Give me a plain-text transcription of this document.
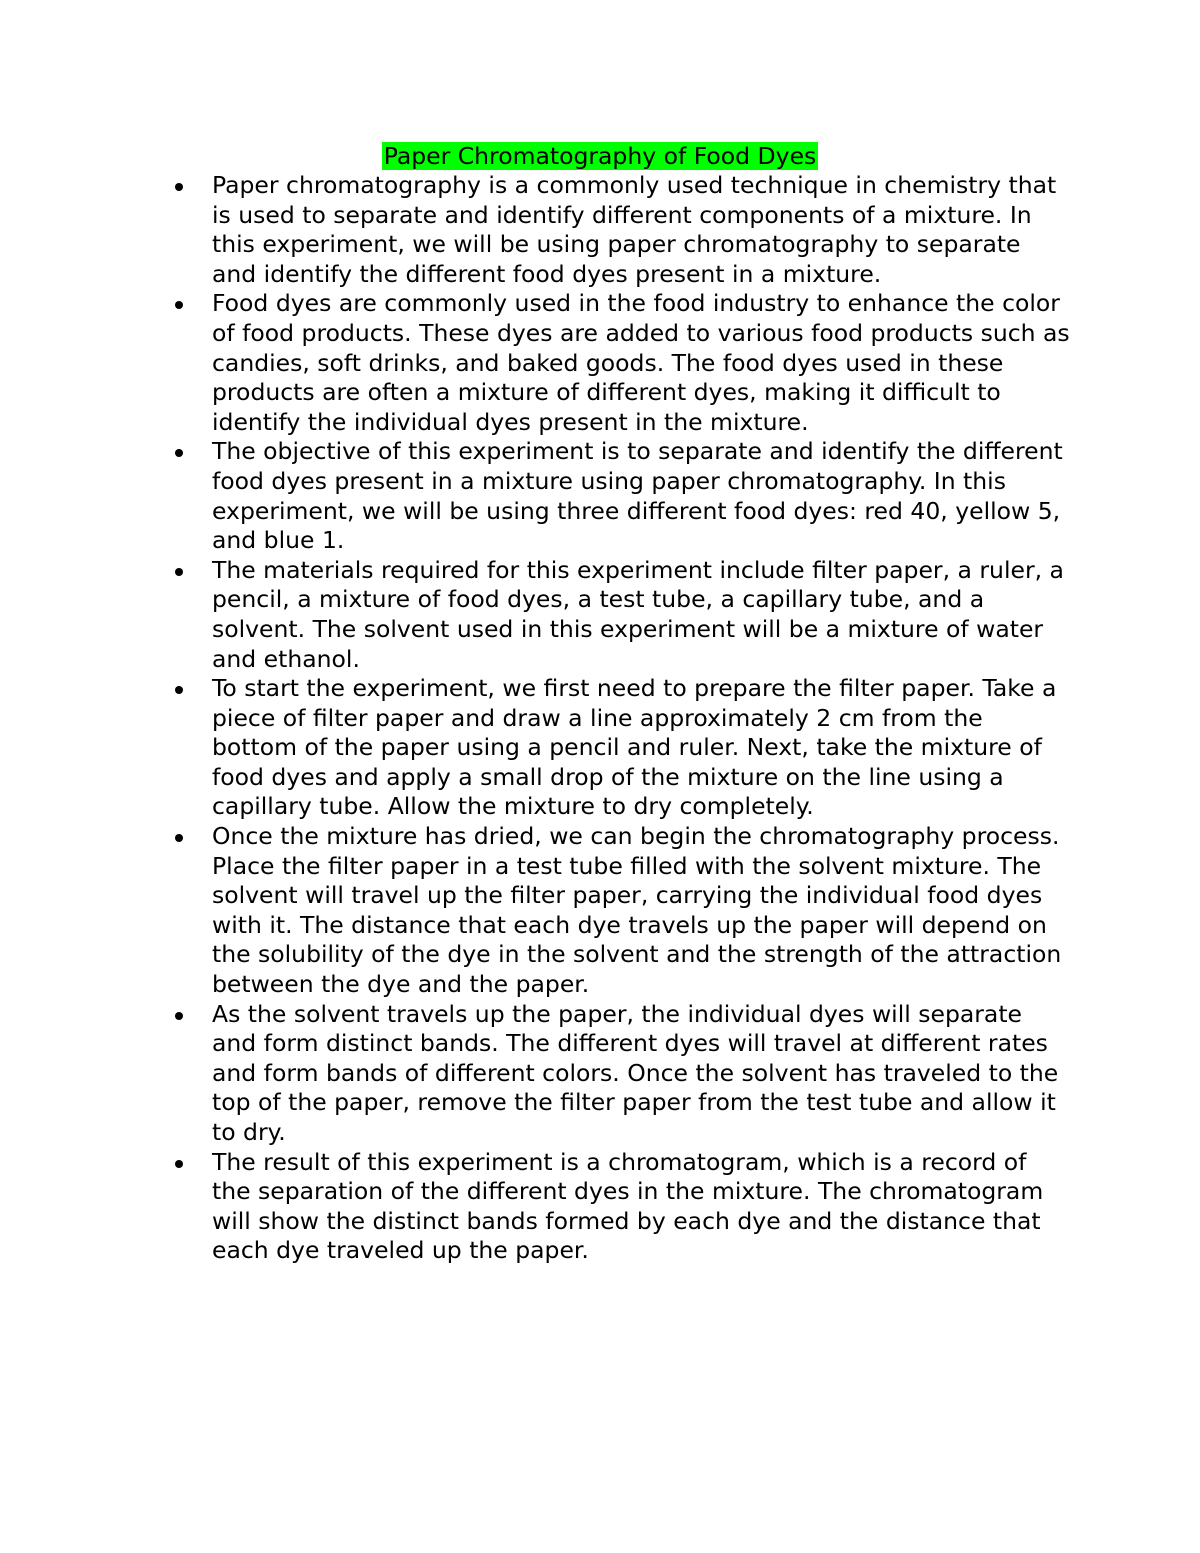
Paper Chromatography of Food Dyes

Paper chromatography is a commonly used technique in chemistry that is used to separate and identify different components of a mixture. In this experiment, we will be using paper chromatography to separate and identify the different food dyes present in a mixture.
Food dyes are commonly used in the food industry to enhance the color of food products. These dyes are added to various food products such as candies, soft drinks, and baked goods. The food dyes used in these products are often a mixture of different dyes, making it difficult to identify the individual dyes present in the mixture.
The objective of this experiment is to separate and identify the different food dyes present in a mixture using paper chromatography. In this experiment, we will be using three different food dyes: red 40, yellow 5, and blue 1.
The materials required for this experiment include filter paper, a ruler, a pencil, a mixture of food dyes, a test tube, a capillary tube, and a solvent. The solvent used in this experiment will be a mixture of water and ethanol.
To start the experiment, we first need to prepare the filter paper. Take a piece of filter paper and draw a line approximately 2 cm from the bottom of the paper using a pencil and ruler. Next, take the mixture of food dyes and apply a small drop of the mixture on the line using a capillary tube. Allow the mixture to dry completely.
Once the mixture has dried, we can begin the chromatography process. Place the filter paper in a test tube filled with the solvent mixture. The solvent will travel up the filter paper, carrying the individual food dyes with it. The distance that each dye travels up the paper will depend on the solubility of the dye in the solvent and the strength of the attraction between the dye and the paper.
As the solvent travels up the paper, the individual dyes will separate and form distinct bands. The different dyes will travel at different rates and form bands of different colors. Once the solvent has traveled to the top of the paper, remove the filter paper from the test tube and allow it to dry.
The result of this experiment is a chromatogram, which is a record of the separation of the different dyes in the mixture. The chromatogram will show the distinct bands formed by each dye and the distance that each dye traveled up the paper.
